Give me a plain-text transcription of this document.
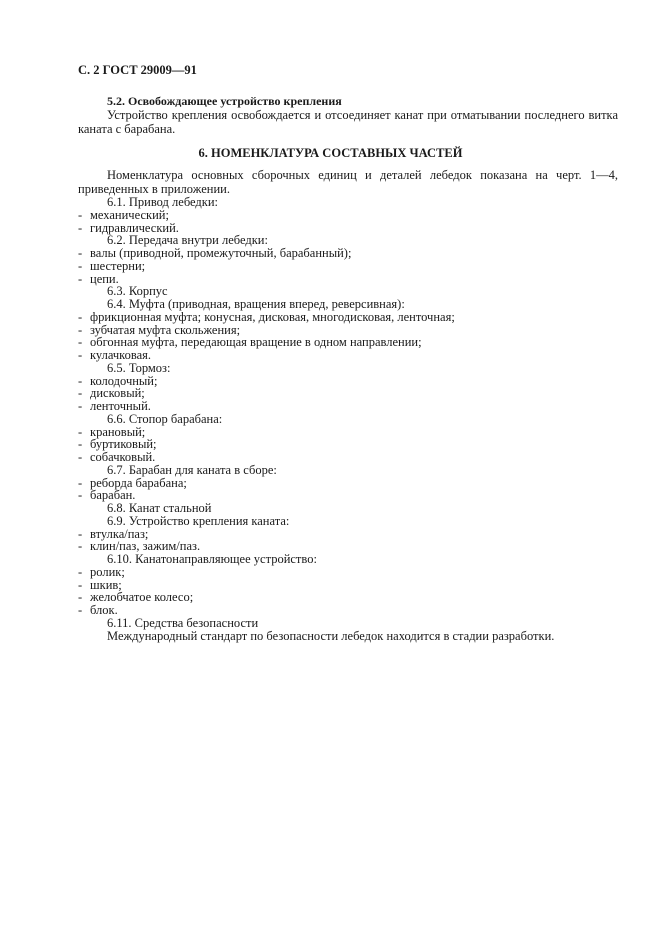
С. 2 ГОСТ 29009—91
5.2. Освобождающее устройство крепления
Устройство крепления освобождается и отсоединяет канат при отматывании последнего витка каната с барабана.
6. НОМЕНКЛАТУРА СОСТАВНЫХ ЧАСТЕЙ
Номенклатура основных сборочных единиц и деталей лебедок показана на черт. 1—4, приведенных в приложении.
6.1. Привод лебедки:
- механический;
- гидравлический.
6.2. Передача внутри лебедки:
- валы (приводной, промежуточный, барабанный);
- шестерни;
- цепи.
6.3. Корпус
6.4. Муфта (приводная, вращения вперед, реверсивная):
- фрикционная муфта; конусная, дисковая, многодисковая, ленточная;
- зубчатая муфта скольжения;
- обгонная муфта, передающая вращение в одном направлении;
- кулачковая.
6.5. Тормоз:
- колодочный;
- дисковый;
- ленточный.
6.6. Стопор барабана:
- крановый;
- буртиковый;
- собачковый.
6.7. Барабан для каната в сборе:
- реборда барабана;
- барабан.
6.8. Канат стальной
6.9. Устройство крепления каната:
- втулка/паз;
- клин/паз, зажим/паз.
6.10. Канатонаправляющее устройство:
- ролик;
- шкив;
- желобчатое колесо;
- блок.
6.11. Средства безопасности
Международный стандарт по безопасности лебедок находится в стадии разработки.
